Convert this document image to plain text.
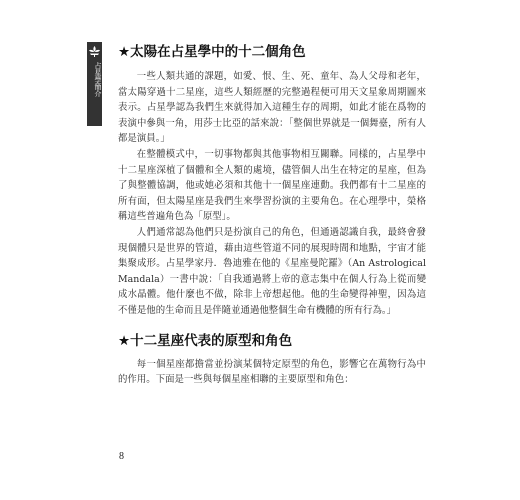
占星學簡介
★太陽在占星學中的十二個角色

一些人類共通的課題，如愛、恨、生、死、童年、為人父母和老年，當太陽穿過十二星座，這些人類經歷的完整過程便可用天文星象周期圖來表示。占星學認為我們生來就得加入這種生存的周期，如此才能在爲物的表演中參與一角，用莎士比亞的話來說：「整個世界就是一個舞臺，所有人都是演員。」

在整體模式中，一切事物都與其他事物相互關聯。同樣的，占星學中十二星座深植了個體和全人類的處境，儘管個人出生在特定的星座，但為了與整體協調，他或她必須和其他十一個星座連動。我們都有十二星座的所有面，但太陽星座是我們生來學習扮演的主要角色。在心理學中，榮格稱這些普遍角色為「原型」。

人們通常認為他們只是扮演自己的角色，但通過認識自我，最終會發現個體只是世界的管道，藉由這些管道不同的展現時間和地點，宇宙才能集聚成形。占星學家丹．魯迪雅在他的《星座曼陀羅》（An Astrological Mandala）一書中說：「自我通過將上帝的意志集中在個人行為上從而變成水晶體。他什麼也不做，除非上帝想起他。他的生命變得神聖，因為這不僅是他的生命而且是伴隨並通過他整個生命有機體的所有行為。」

★十二星座代表的原型和角色

每一個星座都擔當並扮演某個特定原型的角色，影響它在萬物行為中的作用。下面是一些與每個星座相聯的主要原型和角色：

8
